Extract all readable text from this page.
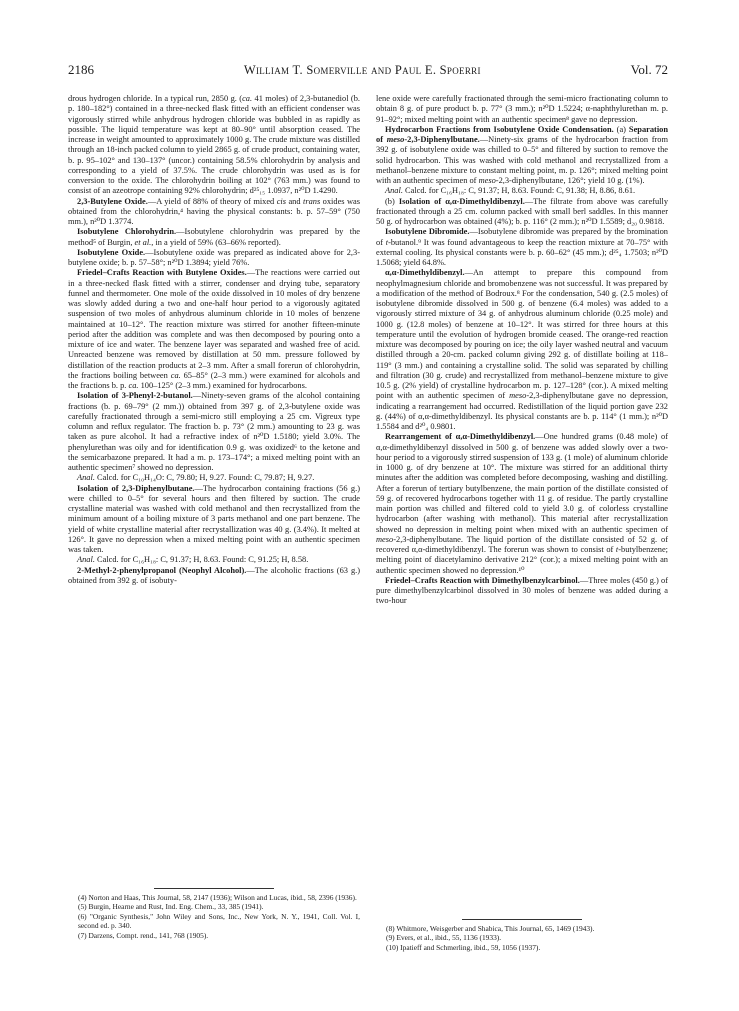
2186	William T. Somerville and Paul E. Spoerri	Vol. 72

drous hydrogen chloride. In a typical run, 2850 g. (ca. 41 moles) of 2,3-butanediol (b. p. 180–182°) contained in a three-necked flask fitted with an efficient condenser was vigorously stirred while anhydrous hydrogen chloride was bubbled in as rapidly as possible. The liquid temperature was kept at 80–90° until absorption ceased. The increase in weight amounted to approximately 1000 g. The crude mixture was distilled through an 18-inch packed column to yield 2865 g. of crude product, containing water, b. p. 95–102° and 130–137° (uncor.) containing 58.5% chlorohydrin by analysis and corresponding to a yield of 37.5%. The crude chlorohydrin was used as is for conversion to the oxide. The chlorohydrin boiling at 102° (763 mm.) was found to consist of an azeotrope containing 92% chlorohydrin; d²⁵₁₅ 1.0937, n²⁰D 1.4290.

2,3-Butylene Oxide.—A yield of 88% of theory of mixed cis and trans oxides was obtained from the chlorohydrin,⁴ having the physical constants: b. p. 57–59° (750 mm.), n²⁰D 1.3774.

Isobutylene Chlorohydrin.—Isobutylene chlorohydrin was prepared by the method⁵ of Burgin, et al., in a yield of 59% (63–66% reported).

Isobutylene Oxide.—Isobutylene oxide was prepared as indicated above for 2,3-butylene oxide; b. p. 57–58°; n²⁰D 1.3894; yield 76%.

Friedel–Crafts Reaction with Butylene Oxides.—The reactions were carried out in a three-necked flask fitted with a stirrer, condenser and drying tube, separatory funnel and thermometer. One mole of the oxide dissolved in 10 moles of dry benzene was slowly added during a two and one-half hour period to a vigorously agitated suspension of two moles of anhydrous aluminum chloride in 10 moles of benzene maintained at 10–12°. The reaction mixture was stirred for another fifteen-minute period after the addition was complete and was then decomposed by pouring onto a mixture of ice and water. The benzene layer was separated and washed free of acid. Unreacted benzene was removed by distillation at 50 mm. pressure followed by distillation of the reaction products at 2–3 mm. After a small forerun of chlorohydrin, the fractions boiling between ca. 65–85° (2–3 mm.) were examined for alcohols and the fractions b. p. ca. 100–125° (2–3 mm.) examined for hydrocarbons.

Isolation of 3-Phenyl-2-butanol.—Ninety-seven grams of the alcohol containing fractions (b. p. 69–79° (2 mm.)) obtained from 397 g. of 2,3-butylene oxide was carefully fractionated through a semi-micro still employing a 25 cm. Vigreux type column and reflux regulator. The fraction b. p. 73° (2 mm.) amounting to 23 g. was taken as pure alcohol. It had a refractive index of n²⁰D 1.5180; yield 3.0%. The phenylurethan was oily and for identification 0.9 g. was oxidized⁶ to the ketone and the semicarbazone prepared. It had a m. p. 173–174°; a mixed melting point with an authentic specimen⁷ showed no depression.

Anal. Calcd. for C₁₀H₁₄O: C, 79.80; H, 9.27. Found: C, 79.87; H, 9.27.

Isolation of 2,3-Diphenylbutane.—The hydrocarbon containing fractions (56 g.) were chilled to 0–5° for several hours and then filtered by suction. The crude crystalline material was washed with cold methanol and then recrystallized from the minimum amount of a boiling mixture of 3 parts methanol and one part benzene. The yield of white crystalline material after recrystallization was 40 g. (3.4%). It melted at 126°. It gave no depression when a mixed melting point with an authentic specimen was taken.

Anal. Calcd. for C₁₆H₁₈: C, 91.37; H, 8.63. Found: C, 91.25; H, 8.58.

2-Methyl-2-phenylpropanol (Neophyl Alcohol).—The alcoholic fractions (63 g.) obtained from 392 g. of isobuty-

lene oxide were carefully fractionated through the semi-micro fractionating column to obtain 8 g. of pure product b. p. 77° (3 mm.); n²⁰D 1.5224; α-naphthylurethan m. p. 91–92°; mixed melting point with an authentic specimen⁸ gave no depression.

Hydrocarbon Fractions from Isobutylene Oxide Condensation. (a) Separation of meso-2,3-Diphenylbutane.—Ninety-six grams of the hydrocarbon fraction from 392 g. of isobutylene oxide was chilled to 0–5° and filtered by suction to remove the solid hydrocarbon. This was washed with cold methanol and recrystallized from a methanol–benzene mixture to constant melting point, m. p. 126°; mixed melting point with an authentic specimen of meso-2,3-diphenylbutane, 126°; yield 10 g. (1%).

Anal. Calcd. for C₁₆H₁₈: C, 91.37; H, 8.63. Found: C, 91.38; H, 8.86, 8.61.

(b) Isolation of α,α-Dimethyldibenzyl.—The filtrate from above was carefully fractionated through a 25 cm. column packed with small berl saddles. In this manner 50 g. of hydrocarbon was obtained (4%); b. p. 116° (2 mm.); n²⁰D 1.5589; d₂₀ 0.9818.

Isobutylene Dibromide.—Isobutylene dibromide was prepared by the bromination of t-butanol.⁹ It was found advantageous to keep the reaction mixture at 70–75° with external cooling. Its physical constants were b. p. 60–62° (45 mm.); d²⁵₄ 1.7503; n²⁰D 1.5068; yield 64.8%.

α,α-Dimethyldibenzyl.—An attempt to prepare this compound from neophylmagnesium chloride and bromobenzene was not successful. It was prepared by a modification of the method of Bodroux.⁸ For the condensation, 540 g. (2.5 moles) of isobutylene dibromide dissolved in 500 g. of benzene (6.4 moles) was added to a vigorously stirred mixture of 34 g. of anhydrous aluminum chloride (0.25 mole) and 1000 g. (12.8 moles) of benzene at 10–12°. It was stirred for three hours at this temperature until the evolution of hydrogen bromide ceased. The orange-red reaction mixture was decomposed by pouring on ice; the oily layer washed neutral and vacuum distilled through a 20-cm. packed column giving 292 g. of distillate boiling at 118–119° (3 mm.) and containing a crystalline solid. The solid was separated by chilling and filtration (30 g. crude) and recrystallized from methanol–benzene mixture to give 10.5 g. (2% yield) of crystalline hydrocarbon m. p. 127–128° (cor.). A mixed melting point with an authentic specimen of meso-2,3-diphenylbutane gave no depression, indicating a rearrangement had occurred. Redistillation of the liquid portion gave 232 g. (44%) of α,α-dimethyldibenzyl. Its physical constants are b. p. 114° (1 mm.); n²⁰D 1.5584 and d²⁰₄ 0.9801.

Rearrangement of α,α-Dimethyldibenzyl.—One hundred grams (0.48 mole) of α,α-dimethyldibenzyl dissolved in 500 g. of benzene was added slowly over a two-hour period to a vigorously stirred suspension of 133 g. (1 mole) of aluminum chloride in 1000 g. of dry benzene at 10°. The mixture was stirred for an additional thirty minutes after the addition was completed before decomposing, washing and distilling. After a forerun of tertiary butylbenzene, the main portion of the distillate consisted of 59 g. of recovered hydrocarbons together with 11 g. of residue. The partly crystalline main portion was chilled and filtered cold to yield 3.0 g. of colorless crystalline hydrocarbon (after washing with methanol). This material after recrystallization showed no depression in melting point when mixed with an authentic specimen of meso-2,3-diphenylbutane. The liquid portion of the distillate consisted of 52 g. of recovered α,α-dimethyldibenzyl. The forerun was shown to consist of t-butylbenzene; melting point of diacetylamino derivative 212° (cor.); a mixed melting point with an authentic specimen showed no depression.¹⁰

Friedel–Crafts Reaction with Dimethylbenzylcarbinol.—Three moles (450 g.) of pure dimethylbenzylcarbinol dissolved in 30 moles of benzene was added during a two-hour

(4) Norton and Haas, This Journal, 58, 2147 (1936); Wilson and Lucas, ibid., 58, 2396 (1936).

(5) Burgin, Hearne and Rust, Ind. Eng. Chem., 33, 385 (1941).

(6) "Organic Synthesis," John Wiley and Sons, Inc., New York, N. Y., 1941, Coll. Vol. I, second ed. p. 340.

(7) Darzens, Compt. rend., 141, 768 (1905).

(8) Whitmore, Weisgerber and Shabica, This Journal, 65, 1469 (1943).

(9) Evers, et al., ibid., 55, 1136 (1933).

(10) Ipatieff and Schmerling, ibid., 59, 1056 (1937).
